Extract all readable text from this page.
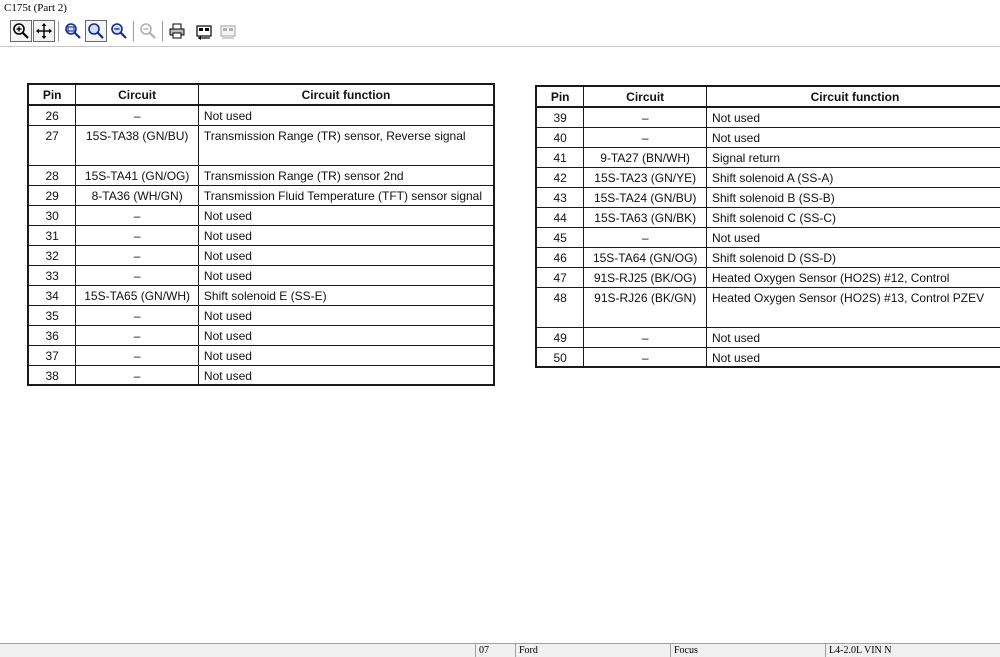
C175t (Part 2)
Pin	Circuit	Circuit function
26	–	Not used
27	15S-TA38 (GN/BU)	Transmission Range (TR) sensor, Reverse signal
28	15S-TA41 (GN/OG)	Transmission Range (TR) sensor 2nd
29	8-TA36 (WH/GN)	Transmission Fluid Temperature (TFT) sensor signal
30	–	Not used
31	–	Not used
32	–	Not used
33	–	Not used
34	15S-TA65 (GN/WH)	Shift solenoid E (SS-E)
35	–	Not used
36	–	Not used
37	–	Not used
38	–	Not used
Pin	Circuit	Circuit function
39	–	Not used
40	–	Not used
41	9-TA27 (BN/WH)	Signal return
42	15S-TA23 (GN/YE)	Shift solenoid A (SS-A)
43	15S-TA24 (GN/BU)	Shift solenoid B (SS-B)
44	15S-TA63 (GN/BK)	Shift solenoid C (SS-C)
45	–	Not used
46	15S-TA64 (GN/OG)	Shift solenoid D (SS-D)
47	91S-RJ25 (BK/OG)	Heated Oxygen Sensor (HO2S) #12, Control
48	91S-RJ26 (BK/GN)	Heated Oxygen Sensor (HO2S) #13, Control PZEV
49	–	Not used
50	–	Not used
07	Ford	Focus	L4-2.0L VIN N
